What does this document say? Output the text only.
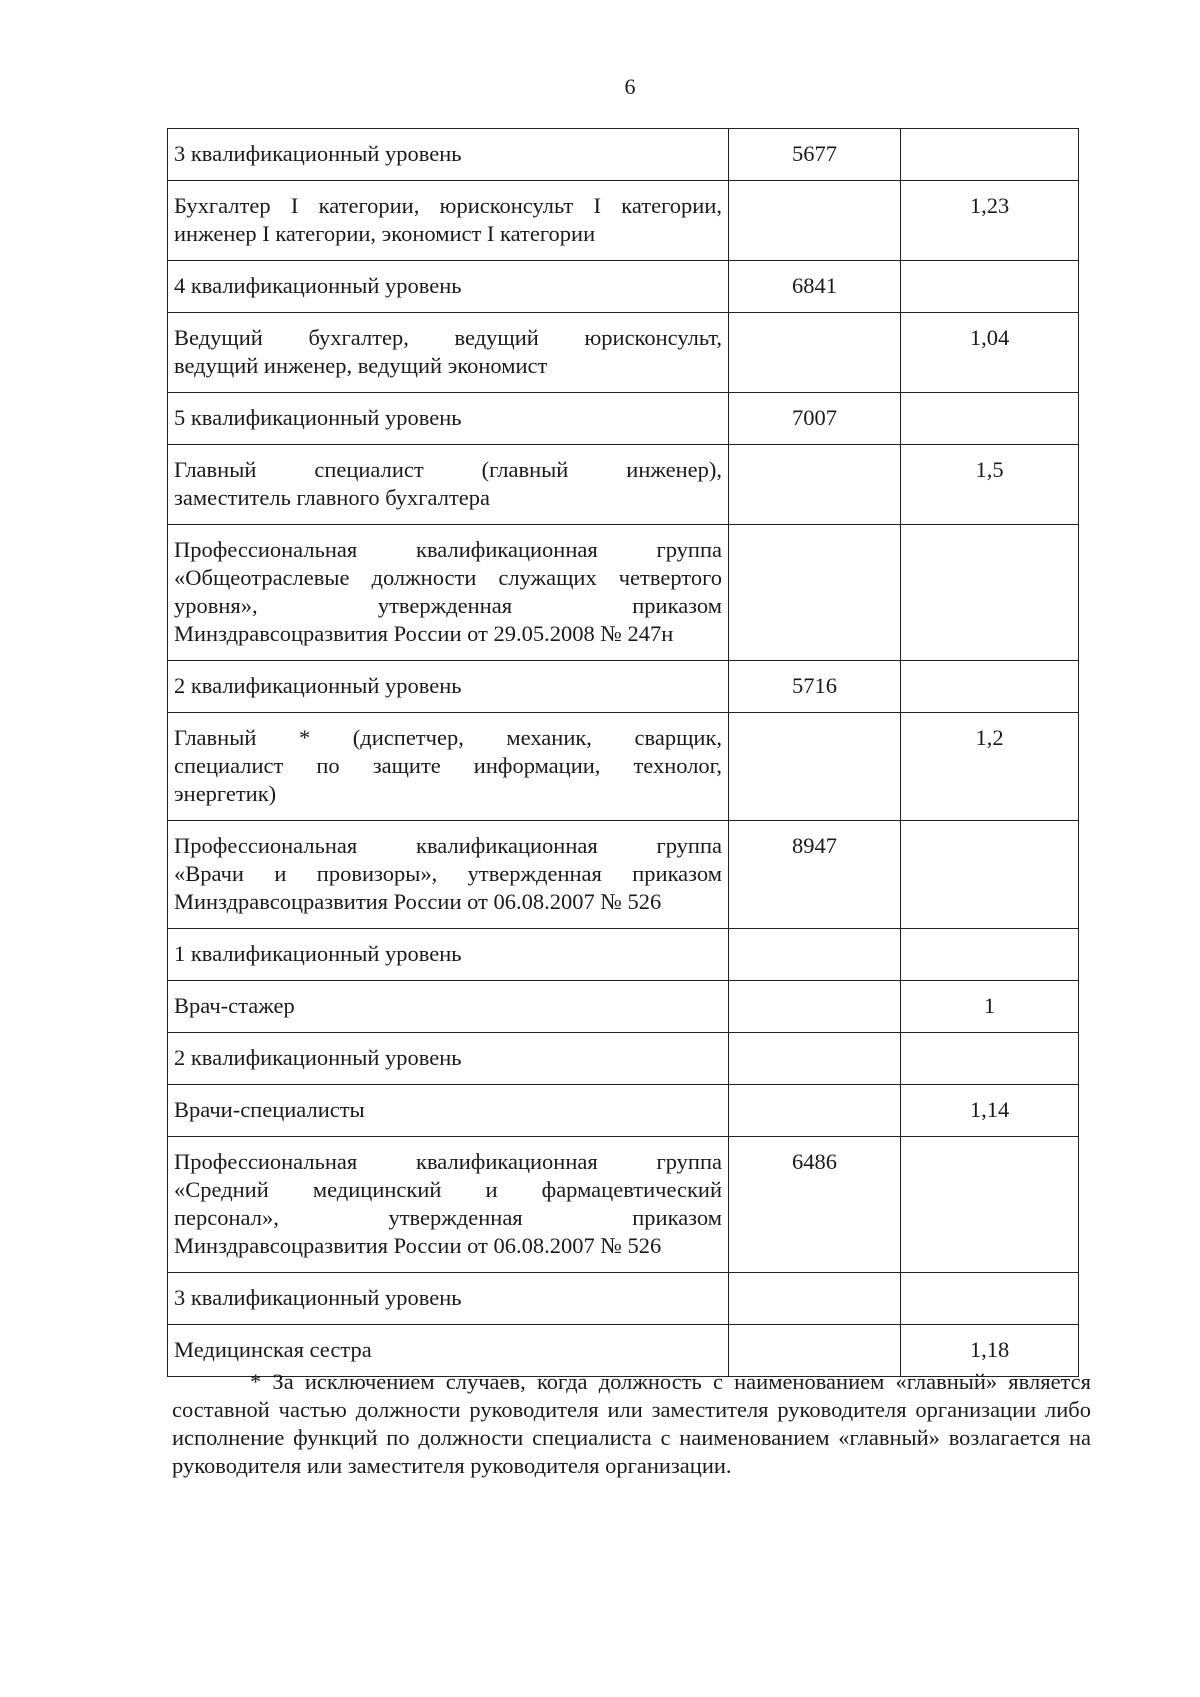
6
3 квалификационный уровень	5677	

Бухгалтер I категории, юрисконсульт I категории,
инженер I категории, экономист I категории		1,23

4 квалификационный уровень	6841	

Ведущий бухгалтер, ведущий юрисконсульт,
ведущий инженер, ведущий экономист		1,04

5 квалификационный уровень	7007	

Главный специалист (главный инженер),
заместитель главного бухгалтера		1,5

Профессиональная квалификационная группа
«Общеотраслевые должности служащих четвертого
уровня», утвержденная приказом
Минздравсоцразвития России от 29.05.2008 № 247н		

2 квалификационный уровень	5716	

Главный * (диспетчер, механик, сварщик,
специалист по защите информации, технолог,
энергетик)		1,2

Профессиональная квалификационная группа
«Врачи и провизоры», утвержденная приказом
Минздравсоцразвития России от 06.08.2007 № 526	8947	

1 квалификационный уровень		

Врач-стажер		1

2 квалификационный уровень		

Врачи-специалисты		1,14

Профессиональная квалификационная группа
«Средний медицинский и фармацевтический
персонал», утвержденная приказом
Минздравсоцразвития России от 06.08.2007 № 526	6486	

3 квалификационный уровень		

Медицинская сестра		1,18
* За исключением случаев, когда должность с наименованием «главный» является составной частью должности руководителя или заместителя руководителя организации либо исполнение функций по должности специалиста с наименованием «главный» возлагается на руководителя или заместителя руководителя организации.
